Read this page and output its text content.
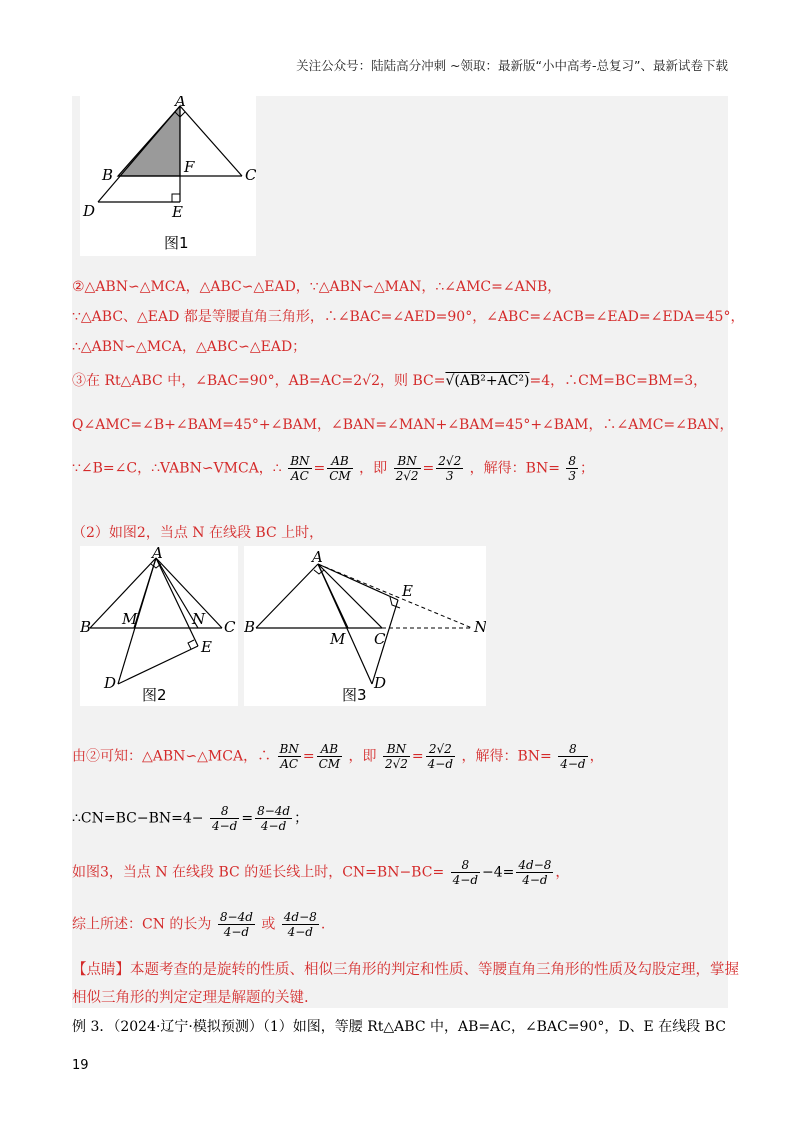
关注公众号：陆陆高分冲刺 ~领取：最新版“小中高考-总复习”、最新试卷下载
A
B	F	C
D	E
图1
②△ABN∽△MCA，△ABC∽△EAD，∵△ABN∽△MAN，∴∠AMC=∠ANB，
∵△ABC、△EAD 都是等腰直角三角形，∴∠BAC=∠AED=90°，∠ABC=∠ACB=∠EAD=∠EDA=45°，
∴△ABN∽△MCA，△ABC∽△EAD；
③在 Rt△ABC 中，∠BAC=90°，AB=AC=2√2，则 BC=√(AB²+AC²)=4，∴CM=BC=BM=3，
Q∠AMC=∠B+∠BAM=45°+∠BAM，∠BAN=∠MAN+∠BAM=45°+∠BAM，∴∠AMC=∠BAN，
∵∠B=∠C，∴VABN∽VMCA，∴ $\frac{BN}{AC} = \frac{AB}{CM}$ ，即 $\frac{BN}{2√2} = \frac{2√2}{3}$ ，解得：$BN= \frac{8}{3}$ ；
（2）如图2，当点 N 在线段 BC 上时，
A
B M	N C
E
D
图2
A
E
B
M C
N
D
图3
由②可知：△ABN∽△MCA，∴ $\frac{BN}{AC} = \frac{AB}{CM}$ ，即 $\frac{BN}{2√2} = \frac{2√2}{4-d}$ ，解得：$BN= \frac{8}{4-d}$ ，
∴CN=BC−BN=4− $\frac{8}{4-d} = \frac{8-4d}{4-d}$ ；
如图3，当点 N 在线段 BC 的延长线上时，$CN=BN-BC= \frac{8}{4-d} -4= \frac{4d-8}{4-d}$ ，
综上所述：CN 的长为 $\frac{8-4d}{4-d}$ 或 $\frac{4d-8}{4-d}$ .
【点睛】本题考查的是旋转的性质、相似三角形的判定和性质、等腰直角三角形的性质及勾股定理，掌握
相似三角形的判定定理是解题的关键.
例 3．（2024·辽宁·模拟预测）（1）如图，等腰 Rt△ABC 中，AB=AC，∠BAC=90°，D、E 在线段 BC
19
